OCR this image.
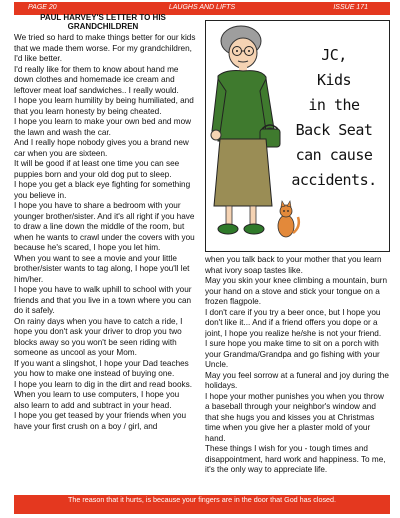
PAGE 20	LAUGHS AND LIFTS	ISSUE 171
PAUL HARVEY'S LETTER TO HIS
GRANDCHILDREN

We tried so hard to make things better for our kids that we made them worse. For my grandchildren, I'd like better.

I'd really like for them to know about hand me down clothes and homemade ice cream and leftover meat loaf sandwiches.. I really would.

I hope you learn humility by being humiliated, and that you learn honesty by being cheated.

I hope you learn to make your own bed and mow the lawn and wash the car.

And I really hope nobody gives you a brand new car when you are sixteen.

It will be good if at least one time you can see puppies born and your old dog put to sleep.

I hope you get a black eye fighting for something you believe in.

I hope you have to share a bedroom with your younger brother/sister. And it's all right if you have to draw a line down the middle of the room, but when he wants to crawl under the covers with you because he's scared, I hope you let him.

When you want to see a movie and your little brother/sister wants to tag along, I hope you'll let him/her.

I hope you have to walk uphill to school with your friends and that you live in a town where you can do it safely.

On rainy days when you have to catch a ride, I hope you don't ask your driver to drop you two blocks away so you won't be seen riding with someone as uncool as your Mom.

If you want a slingshot, I hope your Dad teaches you how to make one instead of buying one.

I hope you learn to dig in the dirt and read books.

When you learn to use computers, I hope you also learn to add and subtract in your head.

I hope you get teased by your friends when you have your first crush on a boy / girl, and

JC,
Kids
in the
Back Seat
can cause
accidents.

when you talk back to your mother that you learn what ivory soap tastes like.

May you skin your knee climbing a mountain, burn your hand on a stove and stick your tongue on a frozen flagpole.

I don't care if you try a beer once, but I hope you don't like it... And if a friend offers you dope or a joint, I hope you realize he/she is not your friend.

I sure hope you make time to sit on a porch with your Grandma/Grandpa and go fishing with your Uncle.

May you feel sorrow at a funeral and joy during the holidays.

I hope your mother punishes you when you throw a baseball through your neighbor's window and that she hugs you and kisses you at Christmas time when you give her a plaster mold of your hand.

These things I wish for you - tough times and disappointment, hard work and happiness. To me, it's the only way to appreciate life.

The reason that it hurts, is because your fingers are in the door that God has closed.
